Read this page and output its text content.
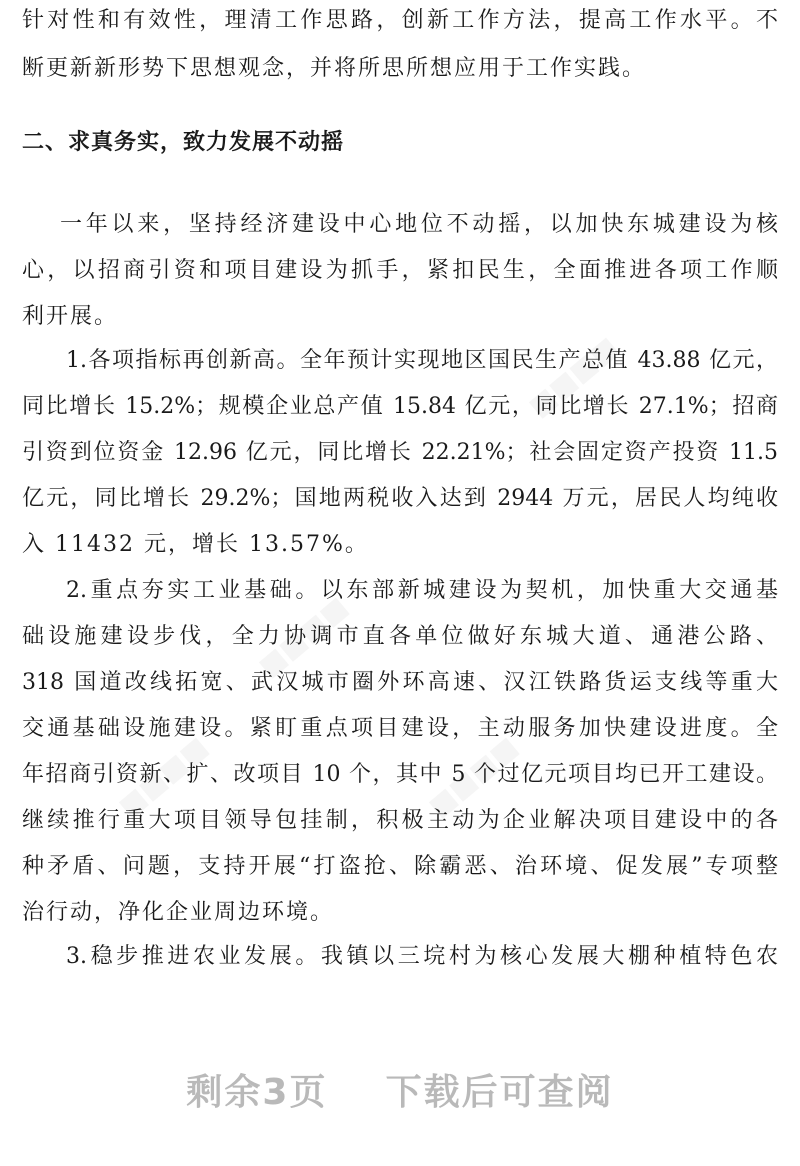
■■■■
■■■■
■■■■	■■■■
针对性和有效性，理清工作思路，创新工作方法，提高工作水平。不
断更新新形势下思想观念，并将所思所想应用于工作实践。
二、求真务实，致力发展不动摇
一年以来，坚持经济建设中心地位不动摇，以加快东城建设为核
心，以招商引资和项目建设为抓手，紧扣民生，全面推进各项工作顺
利开展。
1.各项指标再创新高。全年预计实现地区国民生产总值 43.88 亿元，
同比增长 15.2%；规模企业总产值 15.84 亿元，同比增长 27.1%；招商
引资到位资金 12.96 亿元，同比增长 22.21%；社会固定资产投资 11.5
亿元，同比增长 29.2%；国地两税收入达到 2944 万元，居民人均纯收
入 11432 元，增长 13.57%。
2.重点夯实工业基础。以东部新城建设为契机，加快重大交通基
础设施建设步伐，全力协调市直各单位做好东城大道、通港公路、
318 国道改线拓宽、武汉城市圈外环高速、汉江铁路货运支线等重大
交通基础设施建设。紧盯重点项目建设，主动服务加快建设进度。全
年招商引资新、扩、改项目 10 个，其中 5 个过亿元项目均已开工建设。
继续推行重大项目领导包挂制，积极主动为企业解决项目建设中的各
种矛盾、问题，支持开展“打盗抢、除霸恶、治环境、促发展”专项整
治行动，净化企业周边环境。
3.稳步推进农业发展。我镇以三垸村为核心发展大棚种植特色农
剩余3页    下载后可查阅
